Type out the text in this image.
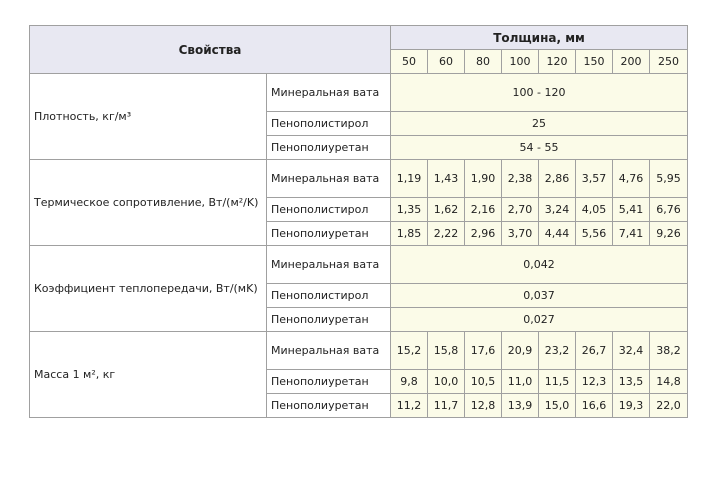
Свойства		Толщина, мм							
		50	60	80	100	120	150	200	250
Плотность, кг/м³	Минеральная вата	100 - 120							
	Пенополистирол	25							
	Пенополиуретан	54 - 55							
Термическое сопротивление, Вт/(м²/K)	Минеральная вата	1,19	1,43	1,90	2,38	2,86	3,57	4,76	5,95
	Пенополистирол	1,35	1,62	2,16	2,70	3,24	4,05	5,41	6,76
	Пенополиуретан	1,85	2,22	2,96	3,70	4,44	5,56	7,41	9,26
Коэффициент теплопередачи, Вт/(мK)	Минеральная вата	0,042							
	Пенополистирол	0,037							
	Пенополиуретан	0,027							
Масса 1 м², кг	Минеральная вата	15,2	15,8	17,6	20,9	23,2	26,7	32,4	38,2
	Пенополиуретан	9,8	10,0	10,5	11,0	11,5	12,3	13,5	14,8
	Пенополиуретан	11,2	11,7	12,8	13,9	15,0	16,6	19,3	22,0
